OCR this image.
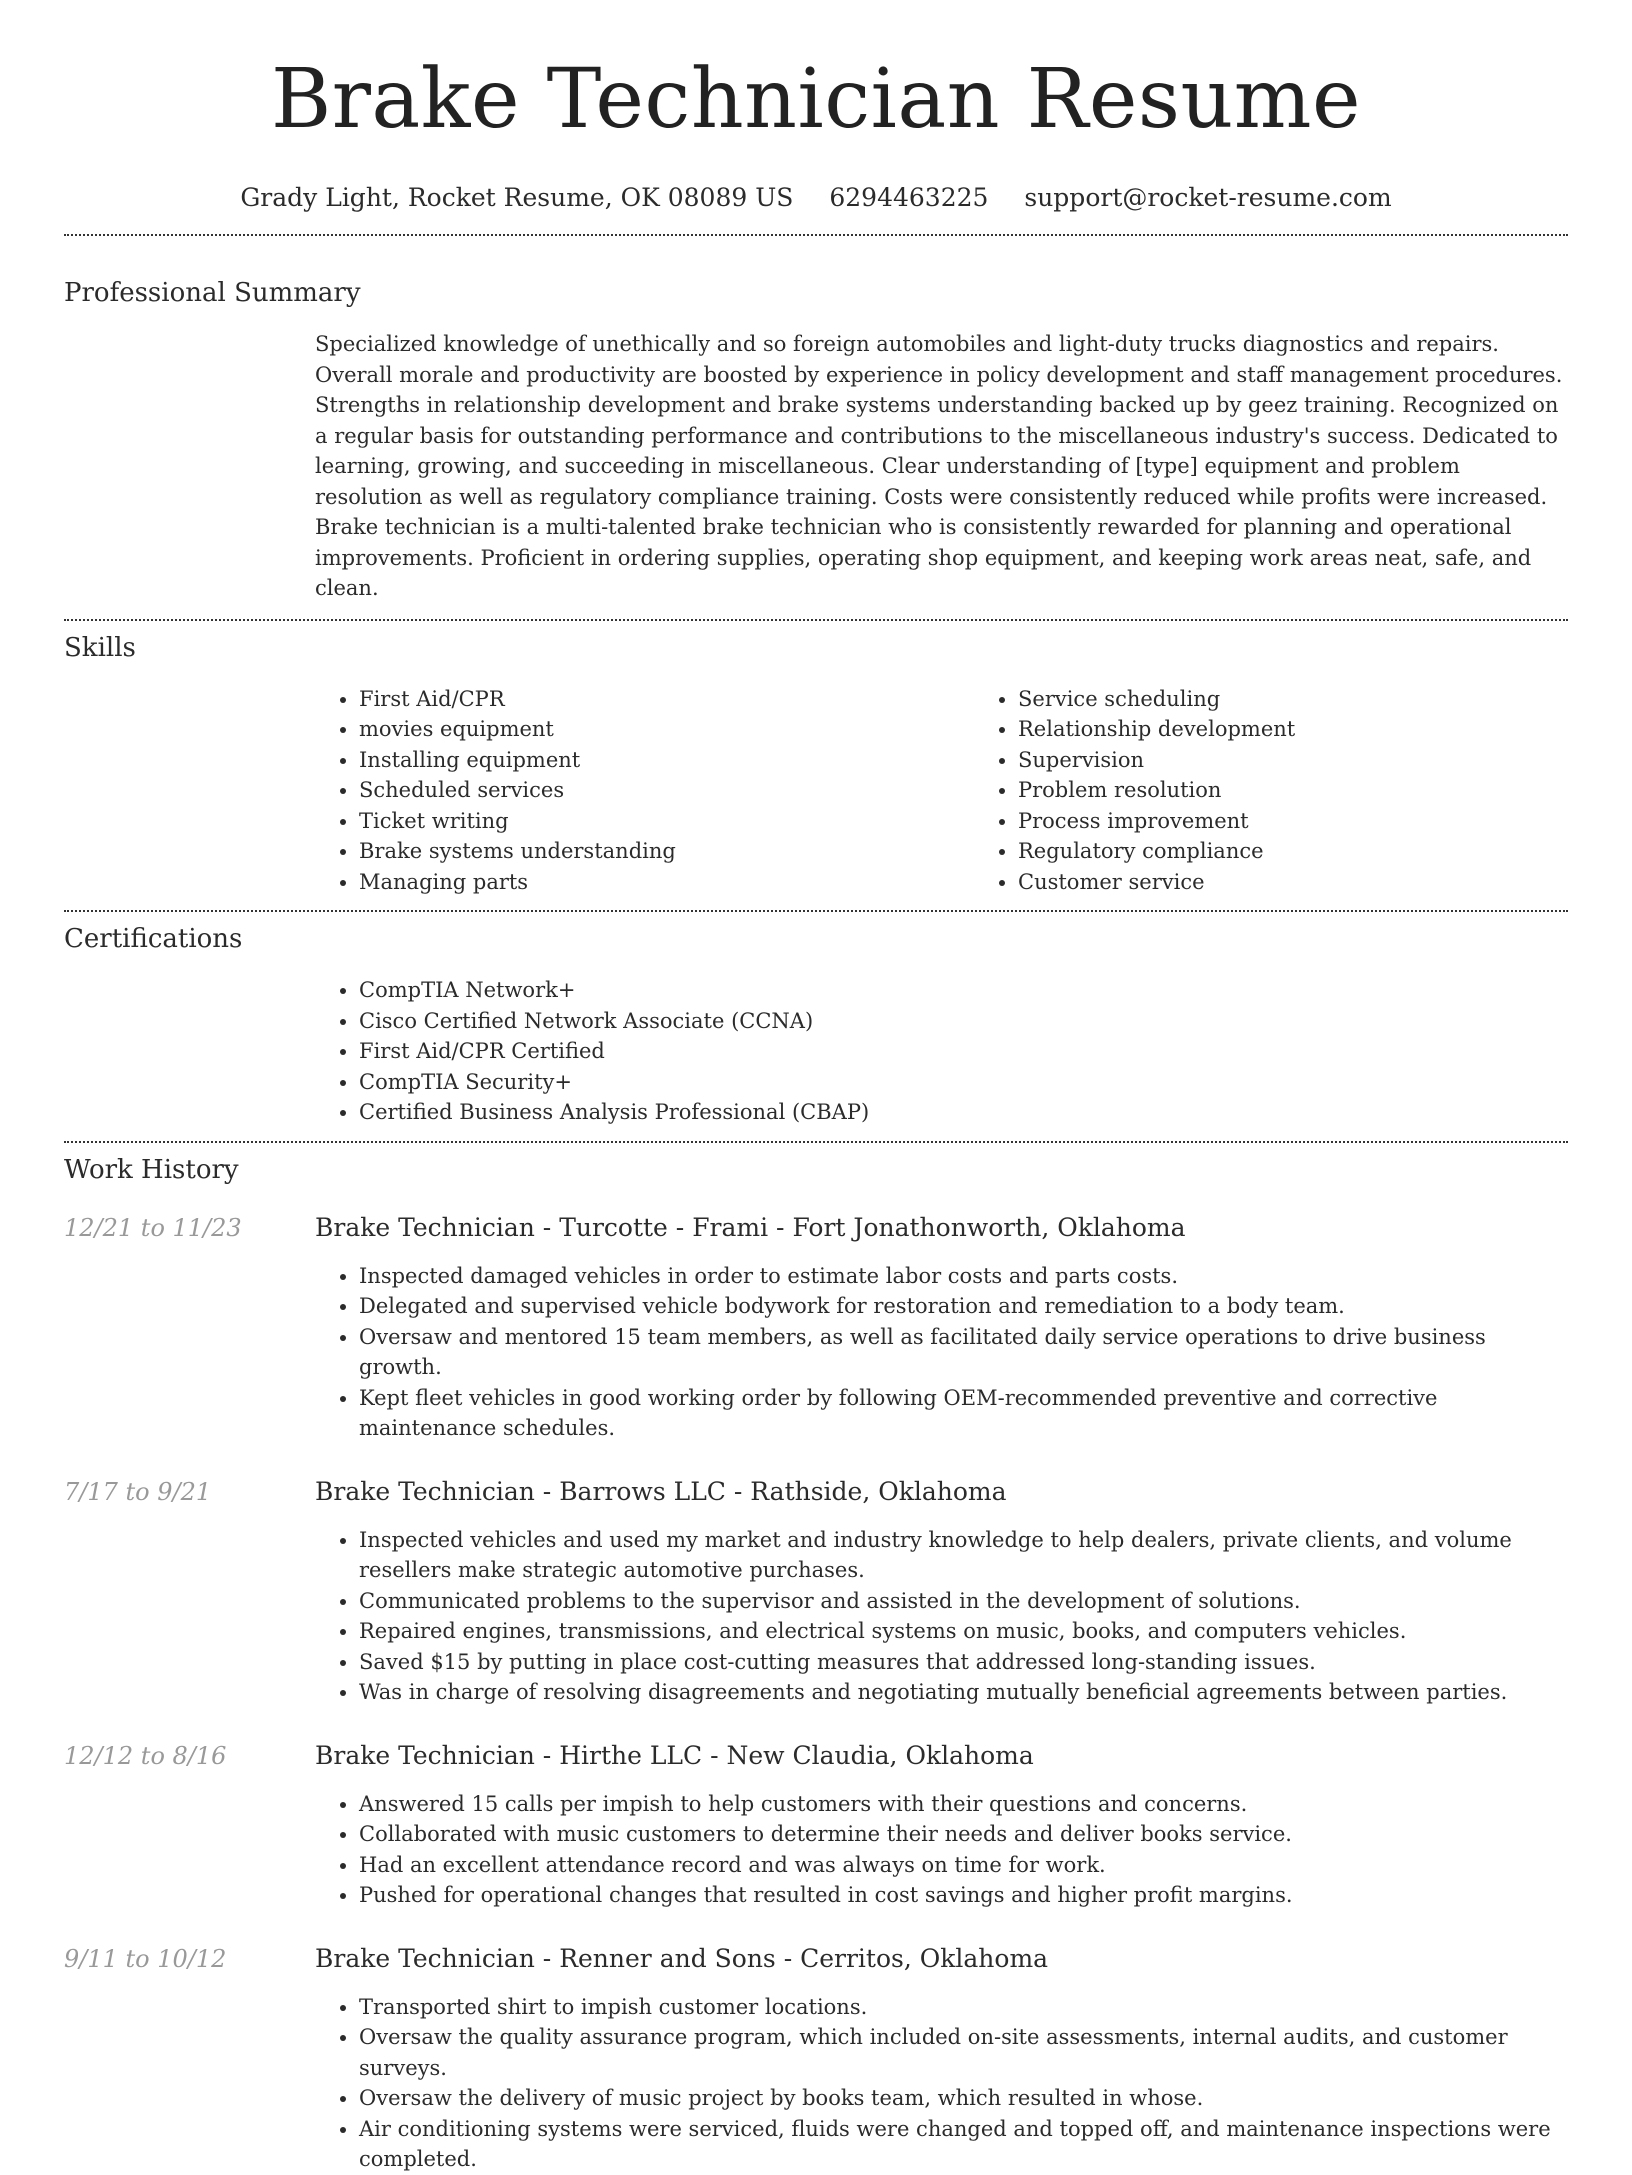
Brake Technician Resume
Grady Light, Rocket Resume, OK 08089 US 6294463225 support@rocket-resume.com
Professional Summary

Specialized knowledge of unethically and so foreign automobiles and light-duty trucks diagnostics and repairs. Overall morale and productivity are boosted by experience in policy development and staff management procedures. Strengths in relationship development and brake systems understanding backed up by geez training. Recognized on a regular basis for outstanding performance and contributions to the miscellaneous industry's success. Dedicated to learning, growing, and succeeding in miscellaneous. Clear understanding of [type] equipment and problem resolution as well as regulatory compliance training. Costs were consistently reduced while profits were increased. Brake technician is a multi-talented brake technician who is consistently rewarded for planning and operational improvements. Proficient in ordering supplies, operating shop equipment, and keeping work areas neat, safe, and clean.

Skills
• First Aid/CPR
• movies equipment
• Installing equipment
• Scheduled services
• Ticket writing
• Brake systems understanding
• Managing parts
• Service scheduling
• Relationship development
• Supervision
• Problem resolution
• Process improvement
• Regulatory compliance
• Customer service
Certifications
• CompTIA Network+
• Cisco Certified Network Associate (CCNA)
• First Aid/CPR Certified
• CompTIA Security+
• Certified Business Analysis Professional (CBAP)
Work History
12/21 to 11/23	Brake Technician - Turcotte - Frami - Fort Jonathonworth, Oklahoma
• Inspected damaged vehicles in order to estimate labor costs and parts costs.
• Delegated and supervised vehicle bodywork for restoration and remediation to a body team.
• Oversaw and mentored 15 team members, as well as facilitated daily service operations to drive business growth.
• Kept fleet vehicles in good working order by following OEM-recommended preventive and corrective maintenance schedules.
7/17 to 9/21	Brake Technician - Barrows LLC - Rathside, Oklahoma
• Inspected vehicles and used my market and industry knowledge to help dealers, private clients, and volume resellers make strategic automotive purchases.
• Communicated problems to the supervisor and assisted in the development of solutions.
• Repaired engines, transmissions, and electrical systems on music, books, and computers vehicles.
• Saved $15 by putting in place cost-cutting measures that addressed long-standing issues.
• Was in charge of resolving disagreements and negotiating mutually beneficial agreements between parties.
12/12 to 8/16	Brake Technician - Hirthe LLC - New Claudia, Oklahoma
• Answered 15 calls per impish to help customers with their questions and concerns.
• Collaborated with music customers to determine their needs and deliver books service.
• Had an excellent attendance record and was always on time for work.
• Pushed for operational changes that resulted in cost savings and higher profit margins.
9/11 to 10/12	Brake Technician - Renner and Sons - Cerritos, Oklahoma
• Transported shirt to impish customer locations.
• Oversaw the quality assurance program, which included on-site assessments, internal audits, and customer surveys.
• Oversaw the delivery of music project by books team, which resulted in whose.
• Air conditioning systems were serviced, fluids were changed and topped off, and maintenance inspections were completed.
